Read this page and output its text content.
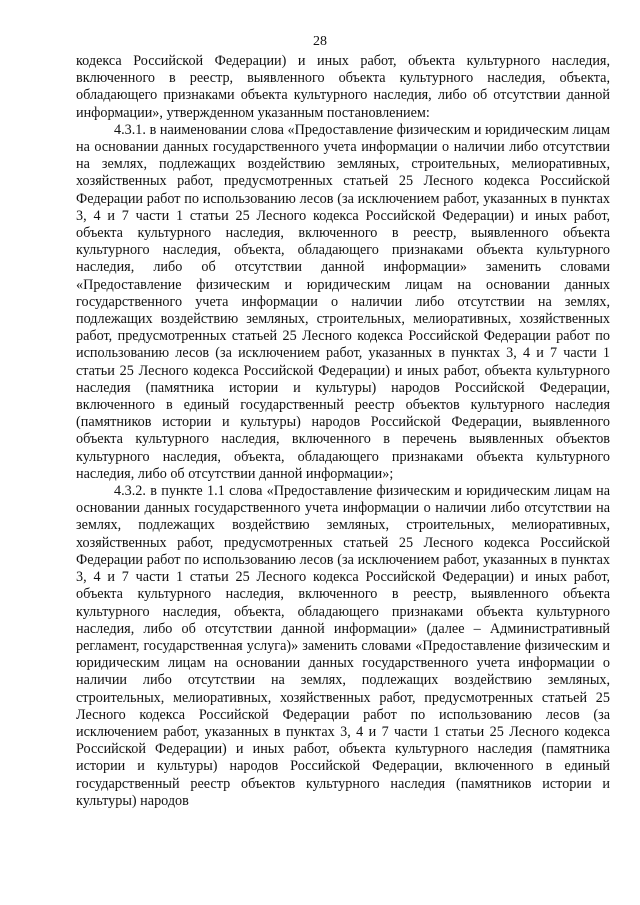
28

кодекса Российской Федерации) и иных работ, объекта культурного наследия, включенного в реестр, выявленного объекта культурного наследия, объекта, обладающего признаками объекта культурного наследия, либо об отсутствии данной информации», утвержденном указанным постановлением:

4.3.1. в наименовании слова «Предоставление физическим и юридическим лицам на основании данных государственного учета информации о наличии либо отсутствии на землях, подлежащих воздействию земляных, строительных, мелиоративных, хозяйственных работ, предусмотренных статьей 25 Лесного кодекса Российской Федерации работ по использованию лесов (за исключением работ, указанных в пунктах 3, 4 и 7 части 1 статьи 25 Лесного кодекса Российской Федерации) и иных работ, объекта культурного наследия, включенного в реестр, выявленного объекта культурного наследия, объекта, обладающего признаками объекта культурного наследия, либо об отсутствии данной информации» заменить словами «Предоставление физическим и юридическим лицам на основании данных государственного учета информации о наличии либо отсутствии на землях, подлежащих воздействию земляных, строительных, мелиоративных, хозяйственных работ, предусмотренных статьей 25 Лесного кодекса Российской Федерации работ по использованию лесов (за исключением работ, указанных в пунктах 3, 4 и 7 части 1 статьи 25 Лесного кодекса Российской Федерации) и иных работ, объекта культурного наследия (памятника истории и культуры) народов Российской Федерации, включенного в единый государственный реестр объектов культурного наследия (памятников истории и культуры) народов Российской Федерации, выявленного объекта культурного наследия, включенного в перечень выявленных объектов культурного наследия, объекта, обладающего признаками объекта культурного наследия, либо об отсутствии данной информации»;

4.3.2. в пункте 1.1 слова «Предоставление физическим и юридическим лицам на основании данных государственного учета информации о наличии либо отсутствии на землях, подлежащих воздействию земляных, строительных, мелиоративных, хозяйственных работ, предусмотренных статьей 25 Лесного кодекса Российской Федерации работ по использованию лесов (за исключением работ, указанных в пунктах 3, 4 и 7 части 1 статьи 25 Лесного кодекса Российской Федерации) и иных работ, объекта культурного наследия, включенного в реестр, выявленного объекта культурного наследия, объекта, обладающего признаками объекта культурного наследия, либо об отсутствии данной информации» (далее – Административный регламент, государственная услуга)» заменить словами «Предоставление физическим и юридическим лицам на основании данных государственного учета информации о наличии либо отсутствии на землях, подлежащих воздействию земляных, строительных, мелиоративных, хозяйственных работ, предусмотренных статьей 25 Лесного кодекса Российской Федерации работ по использованию лесов (за исключением работ, указанных в пунктах 3, 4 и 7 части 1 статьи 25 Лесного кодекса Российской Федерации) и иных работ, объекта культурного наследия (памятника истории и культуры) народов Российской Федерации, включенного в единый государственный реестр объектов культурного наследия (памятников истории и культуры) народов
